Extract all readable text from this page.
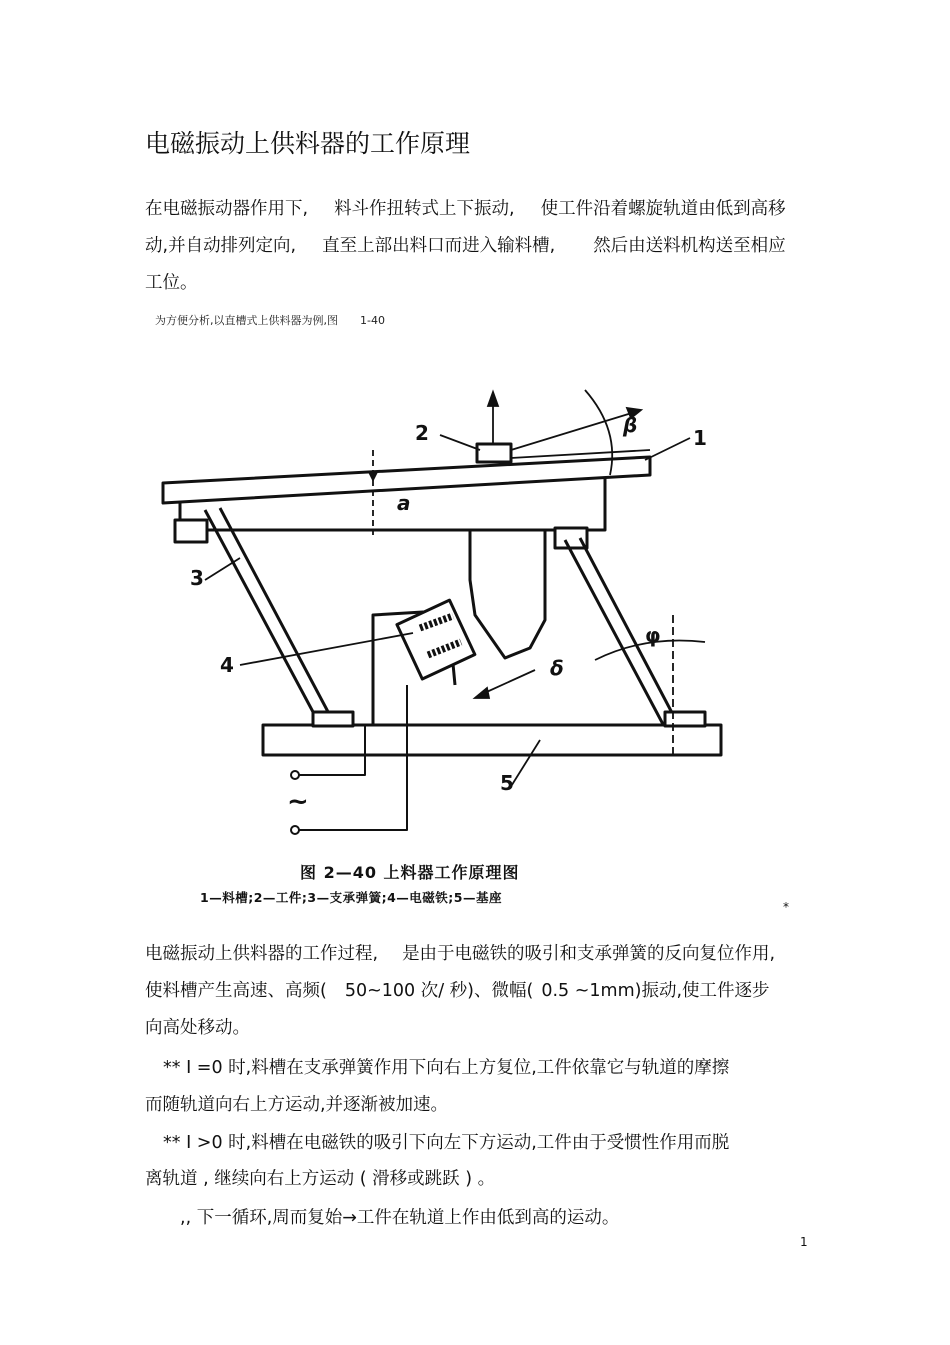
电磁振动上供料器的工作原理
在电磁振动器作用下, 料斗作扭转式上下振动, 使工件沿着螺旋轨道由低到高移
动,并自动排列定向, 直至上部出料口而进入输料槽, 然后由送料机构送至相应
工位。
为方便分析,以直槽式上供料器为例,图 1-40
2	1
3
4
5
a
β
φ
δ
~
图 2—40 上料器工作原理图
1—料槽;2—工件;3—支承弹簧;4—电磁铁;5—基座
*
电磁振动上供料器的工作过程, 是由于电磁铁的吸引和支承弹簧的反向复位作用,
使料槽产生高速、高频( 50~100 次/ 秒)、微幅( 0.5 ~1mm)振动,使工件逐步
向高处移动。
** I =0 时,料槽在支承弹簧作用下向右上方复位,工件依靠它与轨道的摩擦
而随轨道向右上方运动,并逐渐被加速。
** I >0 时,料槽在电磁铁的吸引下向左下方运动,工件由于受惯性作用而脱
离轨道 , 继续向右上方运动 ( 滑移或跳跃 ) 。
,, 下一循环,周而复始→工件在轨道上作由低到高的运动。
1
